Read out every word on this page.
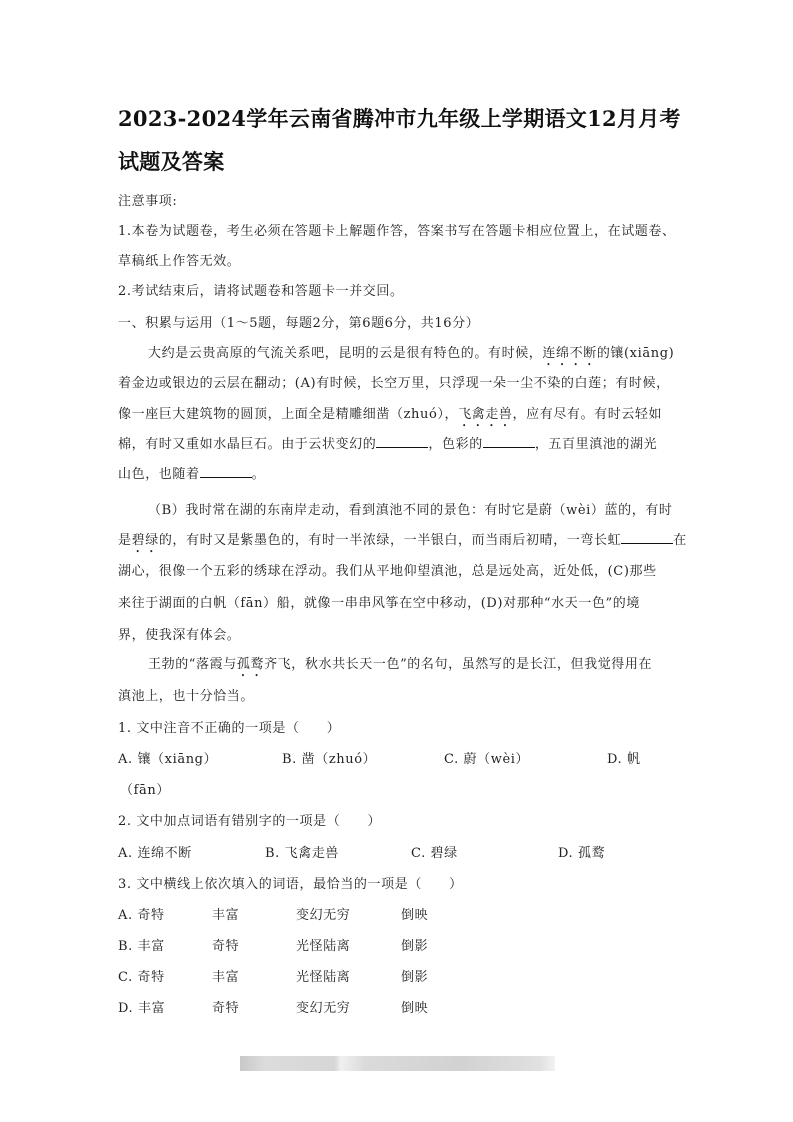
2023-2024学年云南省腾冲市九年级上学期语文12月月考
试题及答案
注意事项:
1.本卷为试题卷，考生必须在答题卡上解题作答，答案书写在答题卡相应位置上，在试题卷、
草稿纸上作答无效。
2.考试结束后，请将试题卷和答题卡一并交回。
一、积累与运用（1～5题，每题2分，第6题6分，共16分）
大约是云贵高原的气流关系吧，昆明的云是很有特色的。有时候，连绵不断的镶(xiāng)
着金边或银边的云层在翻动；(A)有时候，长空万里，只浮现一朵一尘不染的白莲；有时候，
像一座巨大建筑物的圆顶，上面全是精雕细凿（zhuó），飞禽走兽，应有尽有。有时云轻如
棉，有时又重如水晶巨石。由于云状变幻的	，色彩的	，五百里滇池的湖光
山色，也随着	。
（B）我时常在湖的东南岸走动，看到滇池不同的景色：有时它是蔚（wèi）蓝的，有时
是碧绿的，有时又是紫墨色的，有时一半浓绿，一半银白，而当雨后初晴，一弯长虹	在
湖心，很像一个五彩的绣球在浮动。我们从平地仰望滇池，总是远处高，近处低，(C)那些
来往于湖面的白帆（fān）船，就像一串串风筝在空中移动，(D)对那种“水天一色”的境
界，使我深有体会。
王勃的“落霞与孤鹜齐飞，秋水共长天一色”的名句，虽然写的是长江，但我觉得用在
滇池上，也十分恰当。
1. 文中注音不正确的一项是（　　）
A. 镶（xiāng）	B. 凿（zhuó）	C. 蔚（wèi）	D. 帆
（fān）
2. 文中加点词语有错别字的一项是（　　）
A. 连绵不断	B. 飞禽走兽	C. 碧绿	D. 孤鹜
3. 文中横线上依次填入的词语，最恰当的一项是（　　）
A. 奇特	丰富	变幻无穷	倒映
B. 丰富	奇特	光怪陆离	倒影
C. 奇特	丰富	光怪陆离	倒影
D. 丰富	奇特	变幻无穷	倒映
